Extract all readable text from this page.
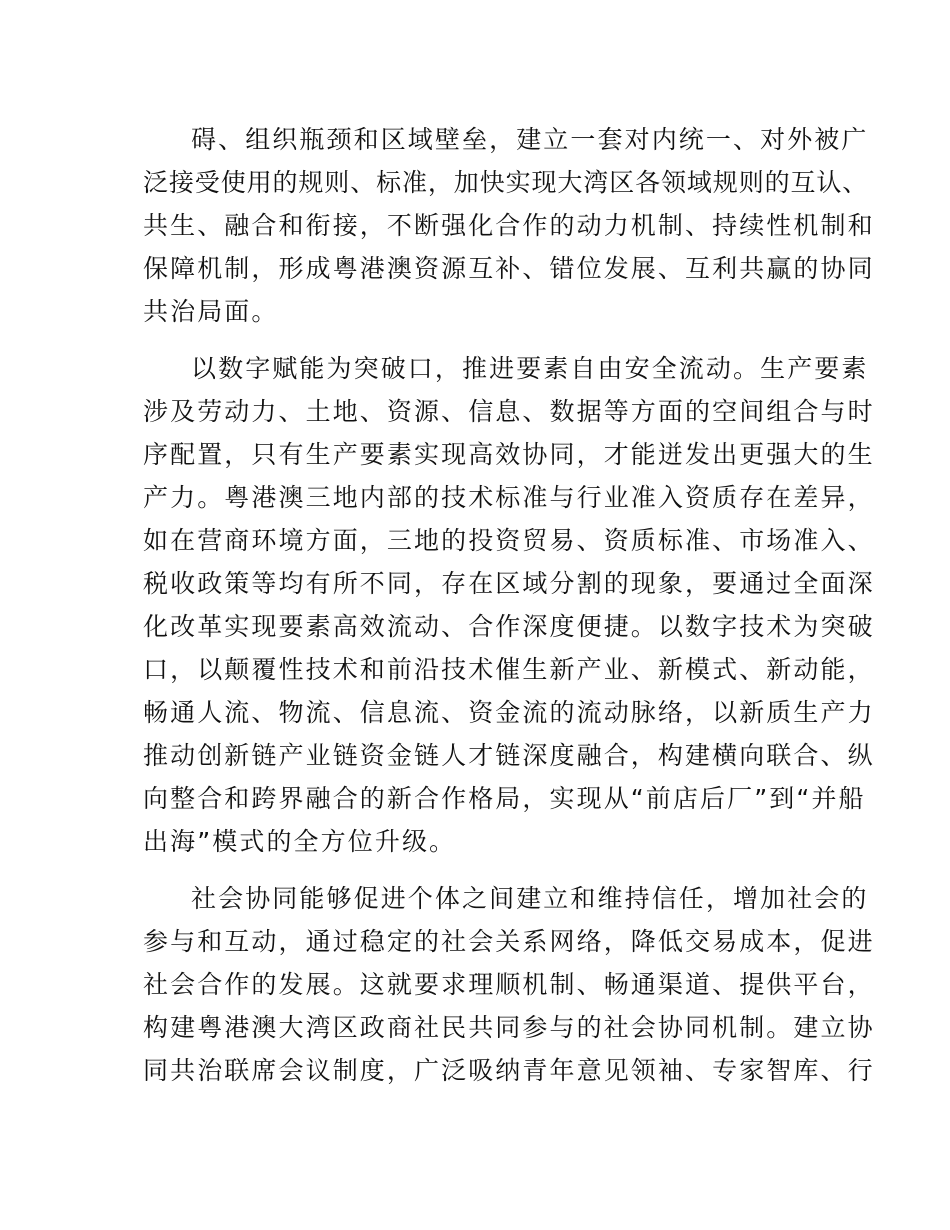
碍、组织瓶颈和区域壁垒，建立一套对内统一、对外被广
泛接受使用的规则、标准，加快实现大湾区各领域规则的互认、
共生、融合和衔接，不断强化合作的动力机制、持续性机制和
保障机制，形成粤港澳资源互补、错位发展、互利共赢的协同
共治局面。
以数字赋能为突破口，推进要素自由安全流动。生产要素
涉及劳动力、土地、资源、信息、数据等方面的空间组合与时
序配置，只有生产要素实现高效协同，才能迸发出更强大的生
产力。粤港澳三地内部的技术标准与行业准入资质存在差异，
如在营商环境方面，三地的投资贸易、资质标准、市场准入、
税收政策等均有所不同，存在区域分割的现象，要通过全面深
化改革实现要素高效流动、合作深度便捷。以数字技术为突破
口，以颠覆性技术和前沿技术催生新产业、新模式、新动能，
畅通人流、物流、信息流、资金流的流动脉络，以新质生产力
推动创新链产业链资金链人才链深度融合，构建横向联合、纵
向整合和跨界融合的新合作格局，实现从“前店后厂”到“并船
出海”模式的全方位升级。
社会协同能够促进个体之间建立和维持信任，增加社会的
参与和互动，通过稳定的社会关系网络，降低交易成本，促进
社会合作的发展。这就要求理顺机制、畅通渠道、提供平台，
构建粤港澳大湾区政商社民共同参与的社会协同机制。建立协
同共治联席会议制度，广泛吸纳青年意见领袖、专家智库、行
